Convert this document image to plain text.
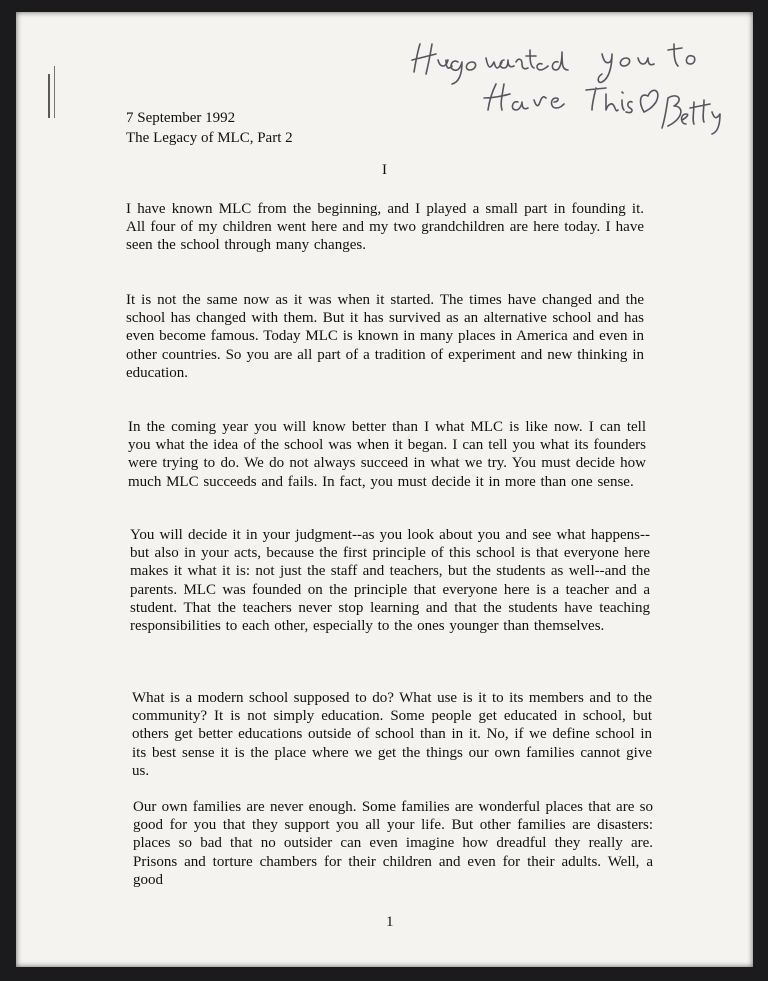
7 September 1992
The Legacy of MLC, Part 2
I
I have known MLC from the beginning, and I played a small part in founding it. All four of my children went here and my two grandchildren are here today. I have seen the school through many changes.
It is not the same now as it was when it started. The times have changed and the school has changed with them. But it has survived as an alternative school and has even become famous. Today MLC is known in many places in America and even in other countries. So you are all part of a tradition of experiment and new thinking in education.
In the coming year you will know better than I what MLC is like now. I can tell you what the idea of the school was when it began. I can tell you what its founders were trying to do. We do not always succeed in what we try. You must decide how much MLC succeeds and fails. In fact, you must decide it in more than one sense.
You will decide it in your judgment--as you look about you and see what happens--but also in your acts, because the first principle of this school is that everyone here makes it what it is: not just the staff and teachers, but the students as well--and the parents. MLC was founded on the principle that everyone here is a teacher and a student. That the teachers never stop learning and that the students have teaching responsibilities to each other, especially to the ones younger than themselves.
What is a modern school supposed to do? What use is it to its members and to the community? It is not simply education. Some people get educated in school, but others get better educations outside of school than in it. No, if we define school in its best sense it is the place where we get the things our own families cannot give us.
Our own families are never enough. Some families are wonderful places that are so good for you that they support you all your life. But other families are disasters: places so bad that no outsider can even imagine how dreadful they really are. Prisons and torture chambers for their children and even for their adults. Well, a good
1
